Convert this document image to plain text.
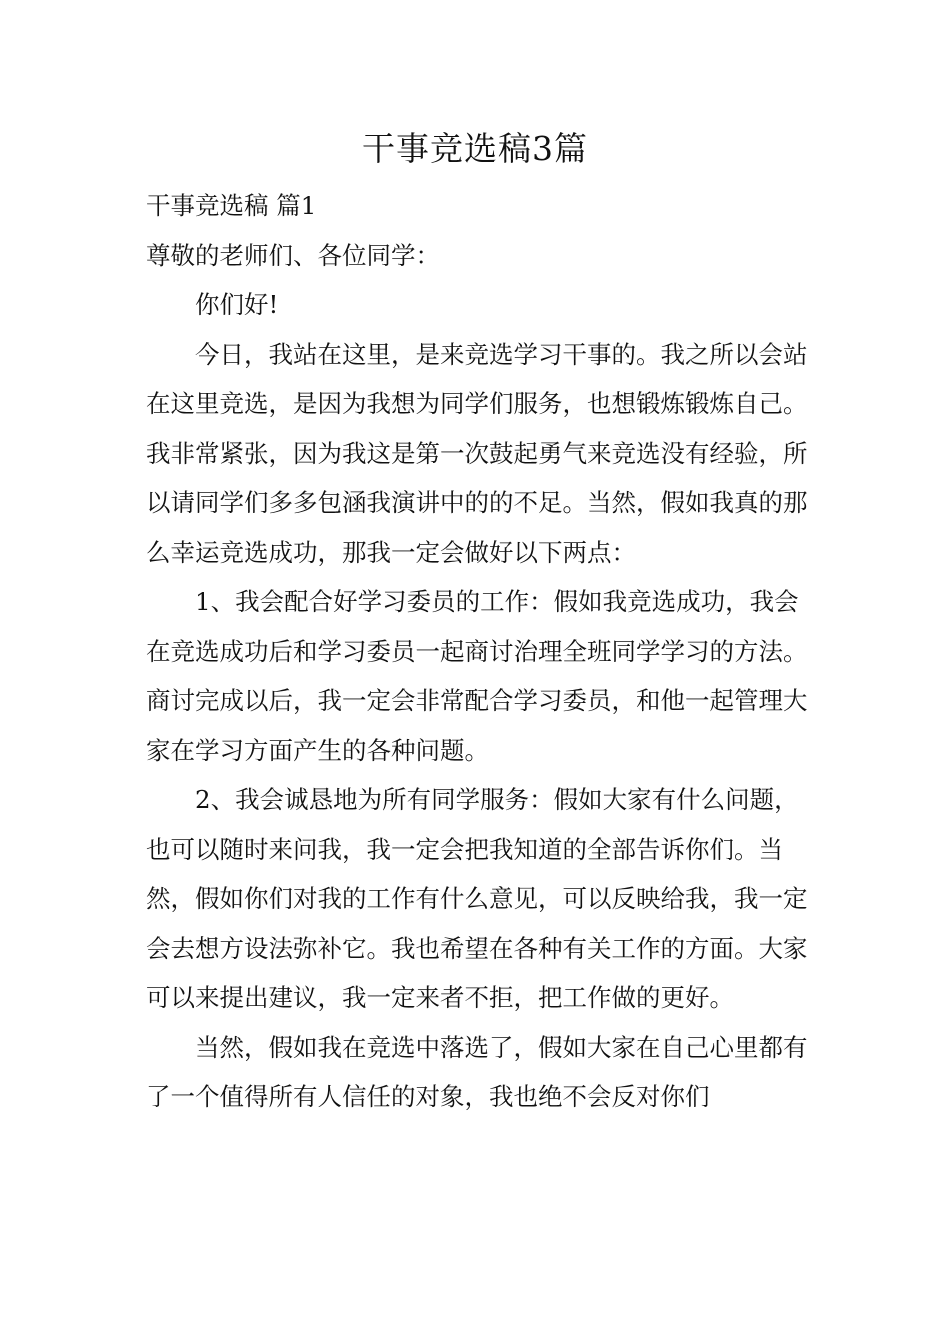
干事竞选稿3篇

干事竞选稿 篇1

尊敬的老师们、各位同学：

你们好!

今日，我站在这里，是来竞选学习干事的。我之所以会站在这里竞选，是因为我想为同学们服务，也想锻炼锻炼自己。我非常紧张，因为我这是第一次鼓起勇气来竞选没有经验，所以请同学们多多包涵我演讲中的的不足。当然，假如我真的那么幸运竞选成功，那我一定会做好以下两点：

1、我会配合好学习委员的工作：假如我竞选成功，我会在竞选成功后和学习委员一起商讨治理全班同学学习的方法。商讨完成以后，我一定会非常配合学习委员，和他一起管理大家在学习方面产生的各种问题。

2、我会诚恳地为所有同学服务：假如大家有什么问题，也可以随时来问我，我一定会把我知道的全部告诉你们。当然，假如你们对我的工作有什么意见，可以反映给我，我一定会去想方设法弥补它。我也希望在各种有关工作的方面。大家可以来提出建议，我一定来者不拒，把工作做的更好。

当然，假如我在竞选中落选了，假如大家在自己心里都有了一个值得所有人信任的对象，我也绝不会反对你们
